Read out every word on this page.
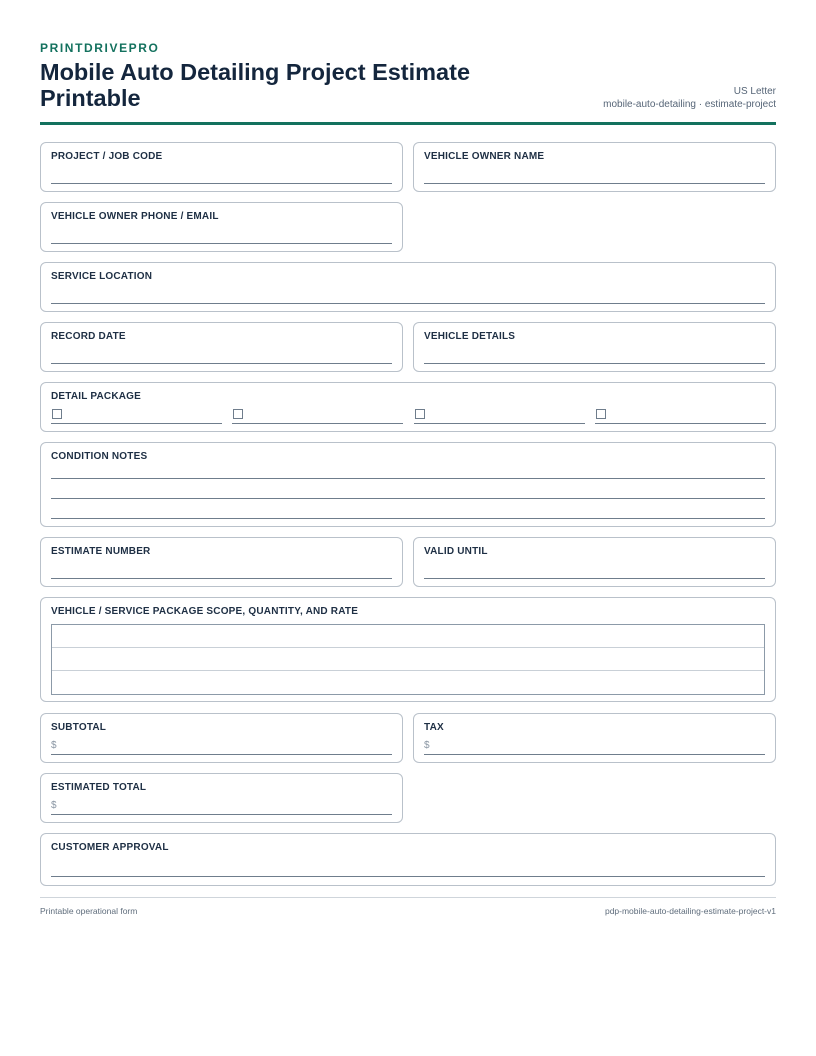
PRINTDRIVEPRO
Mobile Auto Detailing Project Estimate Printable	US Letter
mobile-auto-detailing · estimate-project
PROJECT / JOB CODE	VEHICLE OWNER NAME
VEHICLE OWNER PHONE / EMAIL
SERVICE LOCATION
RECORD DATE	VEHICLE DETAILS
DETAIL PACKAGE
CONDITION NOTES
ESTIMATE NUMBER	VALID UNTIL
VEHICLE / SERVICE PACKAGE SCOPE, QUANTITY, AND RATE
SUBTOTAL
$
TAX
$
ESTIMATED TOTAL
$
CUSTOMER APPROVAL
Printable operational form	pdp-mobile-auto-detailing-estimate-project-v1
